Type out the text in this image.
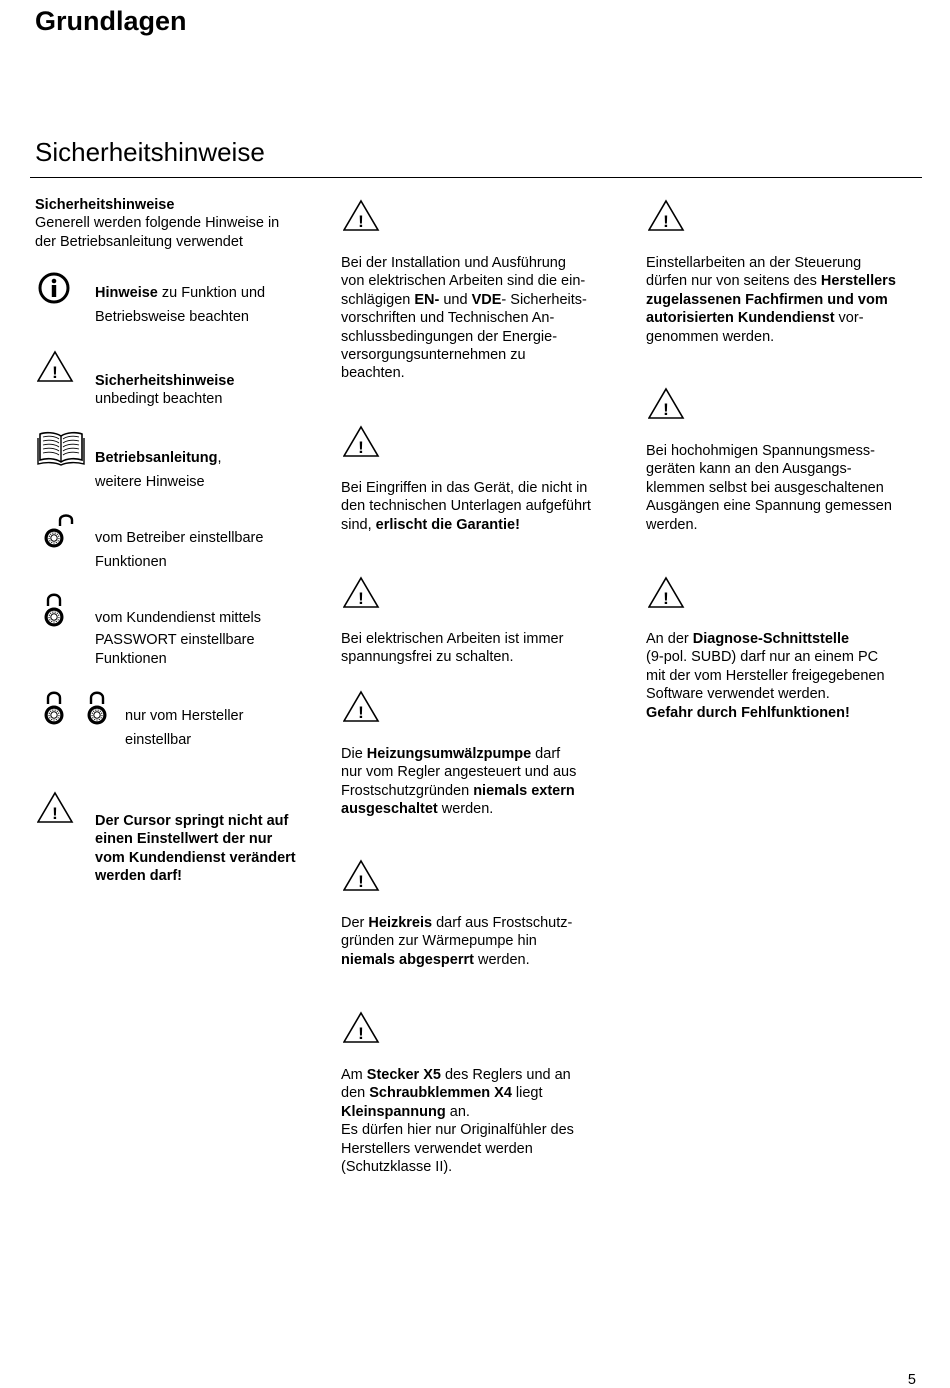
Grundlagen
Sicherheitshinweise

Sicherheitshinweise

Generell werden folgende Hinweise in

der Betriebsanleitung verwendet

Hinweise zu Funktion und
Betriebsweise beachten

Sicherheitshinweise

unbedingt beachten

Betriebsanleitung,
weitere Hinweise
vom Betreiber einstellbare
Funktionen

vom Kundendienst mittels

PASSWORT einstellbare

Funktionen

nur vom Hersteller
einstellbar

Der Cursor springt nicht auf

einen Einstellwert der nur

vom Kundendienst verändert

werden darf!

Bei der Installation und Ausführung

von elektrischen Arbeiten sind die ein-

schlägigen EN- und VDE- Sicherheits-

vorschriften und Technischen An-

schlussbedingungen der Energie-

versorgungsunternehmen zu

beachten.

Bei Eingriffen in das Gerät, die nicht in

den technischen Unterlagen aufgeführt

sind, erlischt die Garantie!

Bei elektrischen Arbeiten ist immer

spannungsfrei zu schalten.

Die Heizungsumwälzpumpe darf

nur vom Regler angesteuert und aus

Frostschutzgründen niemals extern

ausgeschaltet werden.

Der Heizkreis darf aus Frostschutz-

gründen zur Wärmepumpe hin

niemals abgesperrt werden.

Am Stecker X5 des Reglers und an

den Schraubklemmen X4 liegt

Kleinspannung an.

Es dürfen hier nur Originalfühler des

Herstellers verwendet werden

(Schutzklasse II).

Einstellarbeiten an der Steuerung

dürfen nur von seitens des Herstellers

zugelassenen Fachfirmen und vom

autorisierten Kundendienst vor-

genommen werden.

Bei hochohmigen Spannungsmess-

geräten kann an den Ausgangs-

klemmen selbst bei ausgeschaltenen

Ausgängen eine Spannung gemessen

werden.

An der Diagnose-Schnittstelle

(9-pol. SUBD) darf nur an einem PC

mit der vom Hersteller freigegebenen

Software verwendet werden.

Gefahr durch Fehlfunktionen!

5
